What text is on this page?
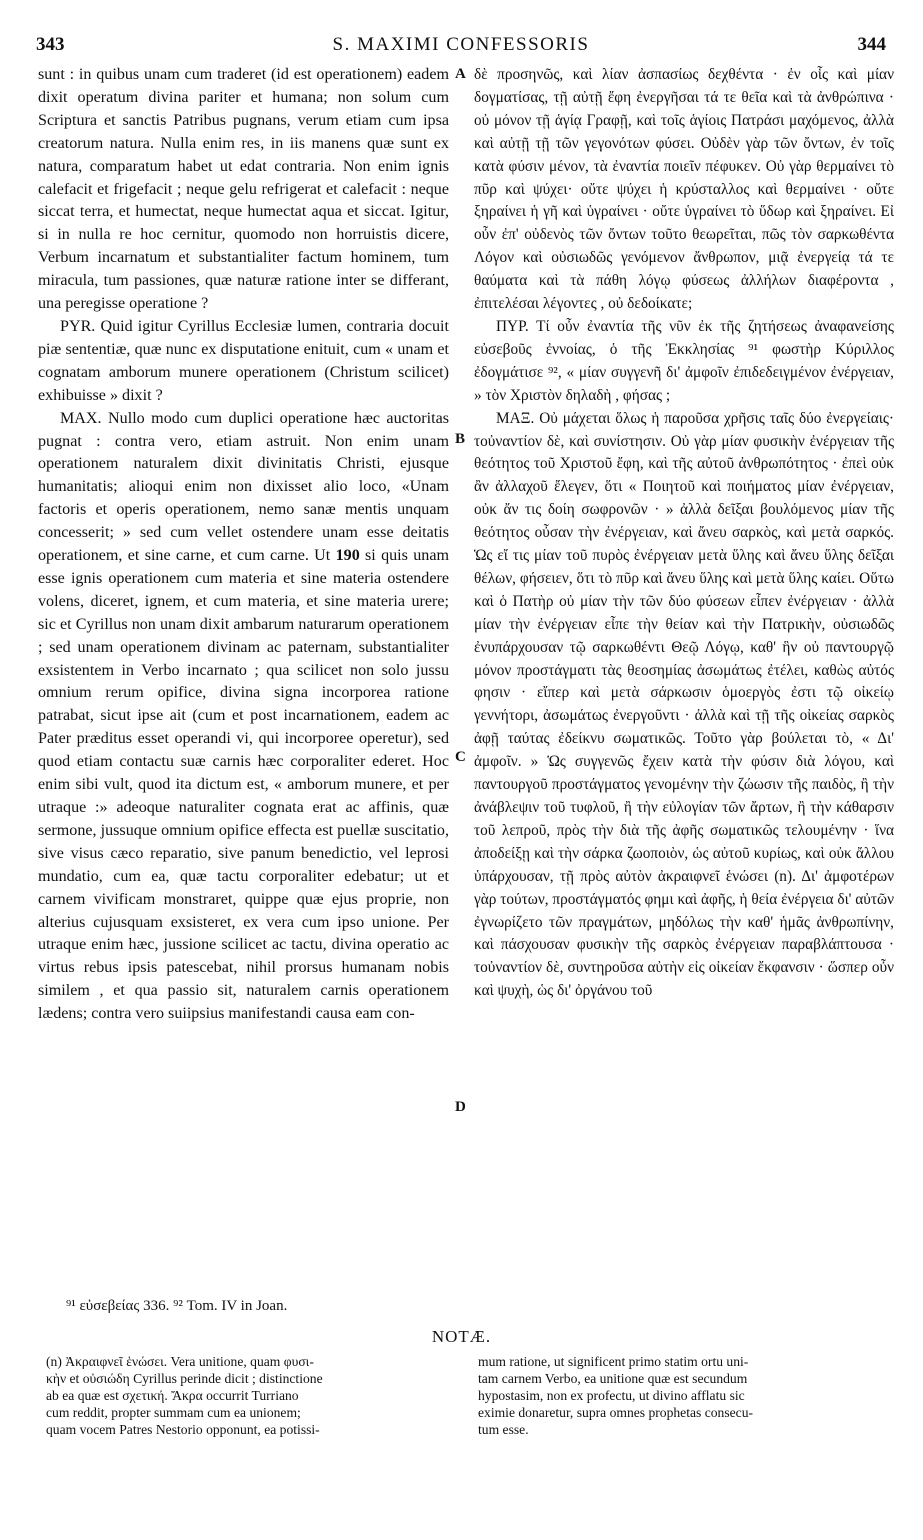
S. MAXIMI CONFESSORIS
343	344

sunt : in quibus unam cum traderet (id est operationem) eadem dixit operatum divina pariter et humana; non solum cum Scriptura et sanctis Patribus pugnans, verum etiam cum ipsa creatorum natura. Nulla enim res, in iis manens quæ sunt ex natura, comparatum habet ut edat contraria. Non enim ignis calefacit et frigefacit ; neque gelu refrigerat et calefacit : neque siccat terra, et humectat, neque humectat aqua et siccat. Igitur, si in nulla re hoc cernitur, quomodo non horruistis dicere, Verbum incarnatum et substantialiter factum hominem, tum miracula, tum passiones, quæ naturæ ratione inter se differant, una peregisse operatione ?

PYR. Quid igitur Cyrillus Ecclesiæ lumen, contraria docuit piæ sententiæ, quæ nunc ex disputatione enituit, cum « unam et cognatam amborum munere operationem (Christum scilicet) exhibuisse » dixit ?

MAX. Nullo modo cum duplici operatione hæc auctoritas pugnat : contra vero, etiam astruit. Non enim unam operationem naturalem dixit divinitatis Christi, ejusque humanitatis; alioqui enim non dixisset alio loco, «Unam factoris et operis operationem, nemo sanæ mentis unquam concesserit; » sed cum vellet ostendere unam esse deitatis operationem, et sine carne, et cum carne. Ut 190 si quis unam esse ignis operationem cum materia et sine materia ostendere volens, diceret, ignem, et cum materia, et sine materia urere; sic et Cyrillus non unam dixit ambarum naturarum operationem ; sed unam operationem divinam ac paternam, substantialiter exsistentem in Verbo incarnato ; qua scilicet non solo jussu omnium rerum opifice, divina signa incorporea ratione patrabat, sicut ipse ait (cum et post incarnationem, eadem ac Pater præditus esset operandi vi, qui incorporee operetur), sed quod etiam contactu suæ carnis hæc corporaliter ederet. Hoc enim sibi vult, quod ita dictum est, « amborum munere, et per utraque :» adeoque naturaliter cognata erat ac affinis, quæ sermone, jussuque omnium opifice effecta est puellæ suscitatio, sive visus cæco reparatio, sive panum benedictio, vel leprosi mundatio, cum ea, quæ tactu corporaliter edebatur; ut et carnem vivificam monstraret, quippe quæ ejus proprie, non alterius cujusquam exsisteret, ex vera cum ipso unione. Per utraque enim hæc, jussione scilicet ac tactu, divina operatio ac virtus rebus ipsis patescebat, nihil prorsus humanam nobis similem , et qua passio sit, naturalem carnis operationem lædens; contra vero suiipsius manifestandi causa eam con-

A
B
C
D

δὲ προσηνῶς, καὶ λίαν ἀσπασίως δεχθέντα · ἐν οἷς καὶ μίαν δογματίσας, τῇ αὐτῇ ἔφη ἐνεργῆσαι τά τε θεῖα καὶ τὰ ἀνθρώπινα · οὐ μόνον τῇ ἁγίᾳ Γραφῇ, καὶ τοῖς ἁγίοις Πατράσι μαχόμενος, ἀλλὰ καὶ αὐτῇ τῇ τῶν γεγονότων φύσει. Οὐδὲν γὰρ τῶν ὄντων, ἐν τοῖς κατὰ φύσιν μένον, τὰ ἐναντία ποιεῖν πέφυκεν. Οὐ γὰρ θερμαίνει τὸ πῦρ καὶ ψύχει· οὔτε ψύχει ἡ κρύσταλλος καὶ θερμαίνει · οὔτε ξηραίνει ἡ γῆ καὶ ὑγραίνει · οὔτε ὑγραίνει τὸ ὕδωρ καὶ ξηραίνει. Εἰ οὖν ἐπ' οὐδενὸς τῶν ὄντων τοῦτο θεωρεῖται, πῶς τὸν σαρκωθέντα Λόγον καὶ οὐσιωδῶς γενόμενον ἄνθρωπον, μιᾷ ἐνεργείᾳ τά τε θαύματα καὶ τὰ πάθη λόγῳ φύσεως ἀλλήλων διαφέροντα , ἐπιτελέσαι λέγοντες , οὐ δεδοίκατε;

ΠΥΡ. Τί οὖν ἐναντία τῆς νῦν ἐκ τῆς ζητήσεως ἀναφανείσης εὐσεβοῦς ἐννοίας, ὁ τῆς Ἐκκλησίας ⁹¹ φωστὴρ Κύριλλος ἐδογμάτισε ⁹², « μίαν συγγενῆ δι' ἀμφοῖν ἐπιδεδειγμένον ἐνέργειαν, » τὸν Χριστὸν δηλαδὴ , φήσας ;

ΜΑΞ. Οὐ μάχεται ὅλως ἡ παροῦσα χρῆσις ταῖς δύο ἐνεργείαις· τοὐναντίον δὲ, καὶ συνίστησιν. Οὐ γὰρ μίαν φυσικὴν ἐνέργειαν τῆς θεότητος τοῦ Χριστοῦ ἔφη, καὶ τῆς αὐτοῦ ἀνθρωπότητος · ἐπεὶ οὐκ ἂν ἀλλαχοῦ ἔλεγεν, ὅτι « Ποιητοῦ καὶ ποιήματος μίαν ἐνέργειαν, οὐκ ἄν τις δοίη σωφρονῶν · » ἀλλὰ δεῖξαι βουλόμενος μίαν τῆς θεότητος οὖσαν τὴν ἐνέργειαν, καὶ ἄνευ σαρκὸς, καὶ μετὰ σαρκός. Ὡς εἴ τις μίαν τοῦ πυρὸς ἐνέργειαν μετὰ ὕλης καὶ ἄνευ ὕλης δεῖξαι θέλων, φήσειεν, ὅτι τὸ πῦρ καὶ ἄνευ ὕλης καὶ μετὰ ὕλης καίει. Οὕτω καὶ ὁ Πατὴρ οὐ μίαν τὴν τῶν δύο φύσεων εἶπεν ἐνέργειαν · ἀλλὰ μίαν τὴν ἐνέργειαν εἶπε τὴν θείαν καὶ τὴν Πατρικὴν, οὐσιωδῶς ἐνυπάρχουσαν τῷ σαρκωθέντι Θεῷ Λόγῳ, καθ' ἣν οὐ παντουργῷ μόνον προστάγματι τὰς θεοσημίας ἀσωμάτως ἐτέλει, καθὼς αὐτός φησιν · εἴπερ καὶ μετὰ σάρκωσιν ὁμοεργὸς ἐστι τῷ οἰκείῳ γεννήτορι, ἀσωμάτως ἐνεργοῦντι · ἀλλὰ καὶ τῇ τῆς οἰκείας σαρκὸς ἀφῇ ταύτας ἐδείκνυ σωματικῶς. Τοῦτο γὰρ βούλεται τὸ, « Δι' ἀμφοῖν. » Ὡς συγγενῶς ἔχειν κατὰ τὴν φύσιν διὰ λόγου, καὶ παντουργοῦ προστάγματος γενομένην τὴν ζώωσιν τῆς παιδὸς, ἢ τὴν ἀνάβλεψιν τοῦ τυφλοῦ, ἢ τὴν εὐλογίαν τῶν ἄρτων, ἢ τὴν κάθαρσιν τοῦ λεπροῦ, πρὸς τὴν διὰ τῆς ἀφῆς σωματικῶς τελουμένην · ἵνα ἀποδείξῃ καὶ τὴν σάρκα ζωοποιὸν, ὡς αὐτοῦ κυρίως, καὶ οὐκ ἄλλου ὑπάρχουσαν, τῇ πρὸς αὐτὸν ἀκραιφνεῖ ἑνώσει (n). Δι' ἀμφοτέρων γὰρ τούτων, προστάγματός φημι καὶ ἀφῆς, ἡ θεία ἐνέργεια δι' αὐτῶν ἐγνωρίζετο τῶν πραγμάτων, μηδόλως τὴν καθ' ἡμᾶς ἀνθρωπίνην, καὶ πάσχουσαν φυσικὴν τῆς σαρκὸς ἐνέργειαν παραβλάπτουσα · τοὐναντίον δὲ, συντηροῦσα αὐτὴν εἰς οἰκείαν ἔκφανσιν · ὥσπερ οὖν καὶ ψυχὴ, ὡς δι' ὀργάνου τοῦ

⁹¹ εὐσεβείας 336. ⁹² Tom. IV in Joan.
NOTÆ.
(n) Ἀκραιφνεῖ ἑνώσει. Vera unitione, quam φυσι-
κὴν et οὐσιώδη Cyrillus perinde dicit ; distinctione
ab ea quæ est σχετική. Ἄκρα occurrit Turriano
cum reddit, propter summam cum ea unionem;
quam vocem Patres Nestorio opponunt, ea potissi-
mum ratione, ut significent primo statim ortu uni-
tam carnem Verbo, ea unitione quæ est secundum
hypostasim, non ex profectu, ut divino afflatu sic
eximie donaretur, supra omnes prophetas consecu-
tum esse.
